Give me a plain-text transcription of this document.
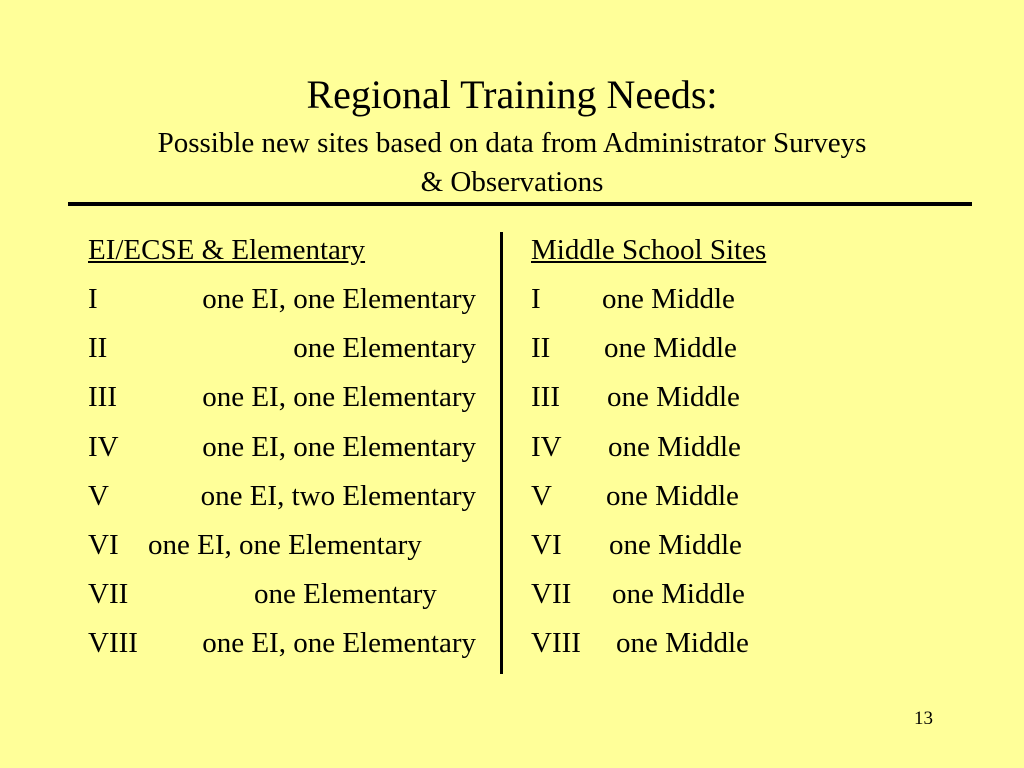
Regional Training Needs:
Possible new sites based on data from Administrator Surveys
& Observations
EI/ECSE & Elementary
I	one EI, one Elementary
II	one Elementary
III	one EI, one Elementary
IV	one EI, one Elementary
V	one EI, two Elementary
VI one EI, one Elementary
VII	one Elementary
VIII one EI, one Elementary
Middle School Sites
I one Middle
II one Middle
III one Middle
IV one Middle
V one Middle
VI one Middle
VII one Middle
VIII one Middle
13
